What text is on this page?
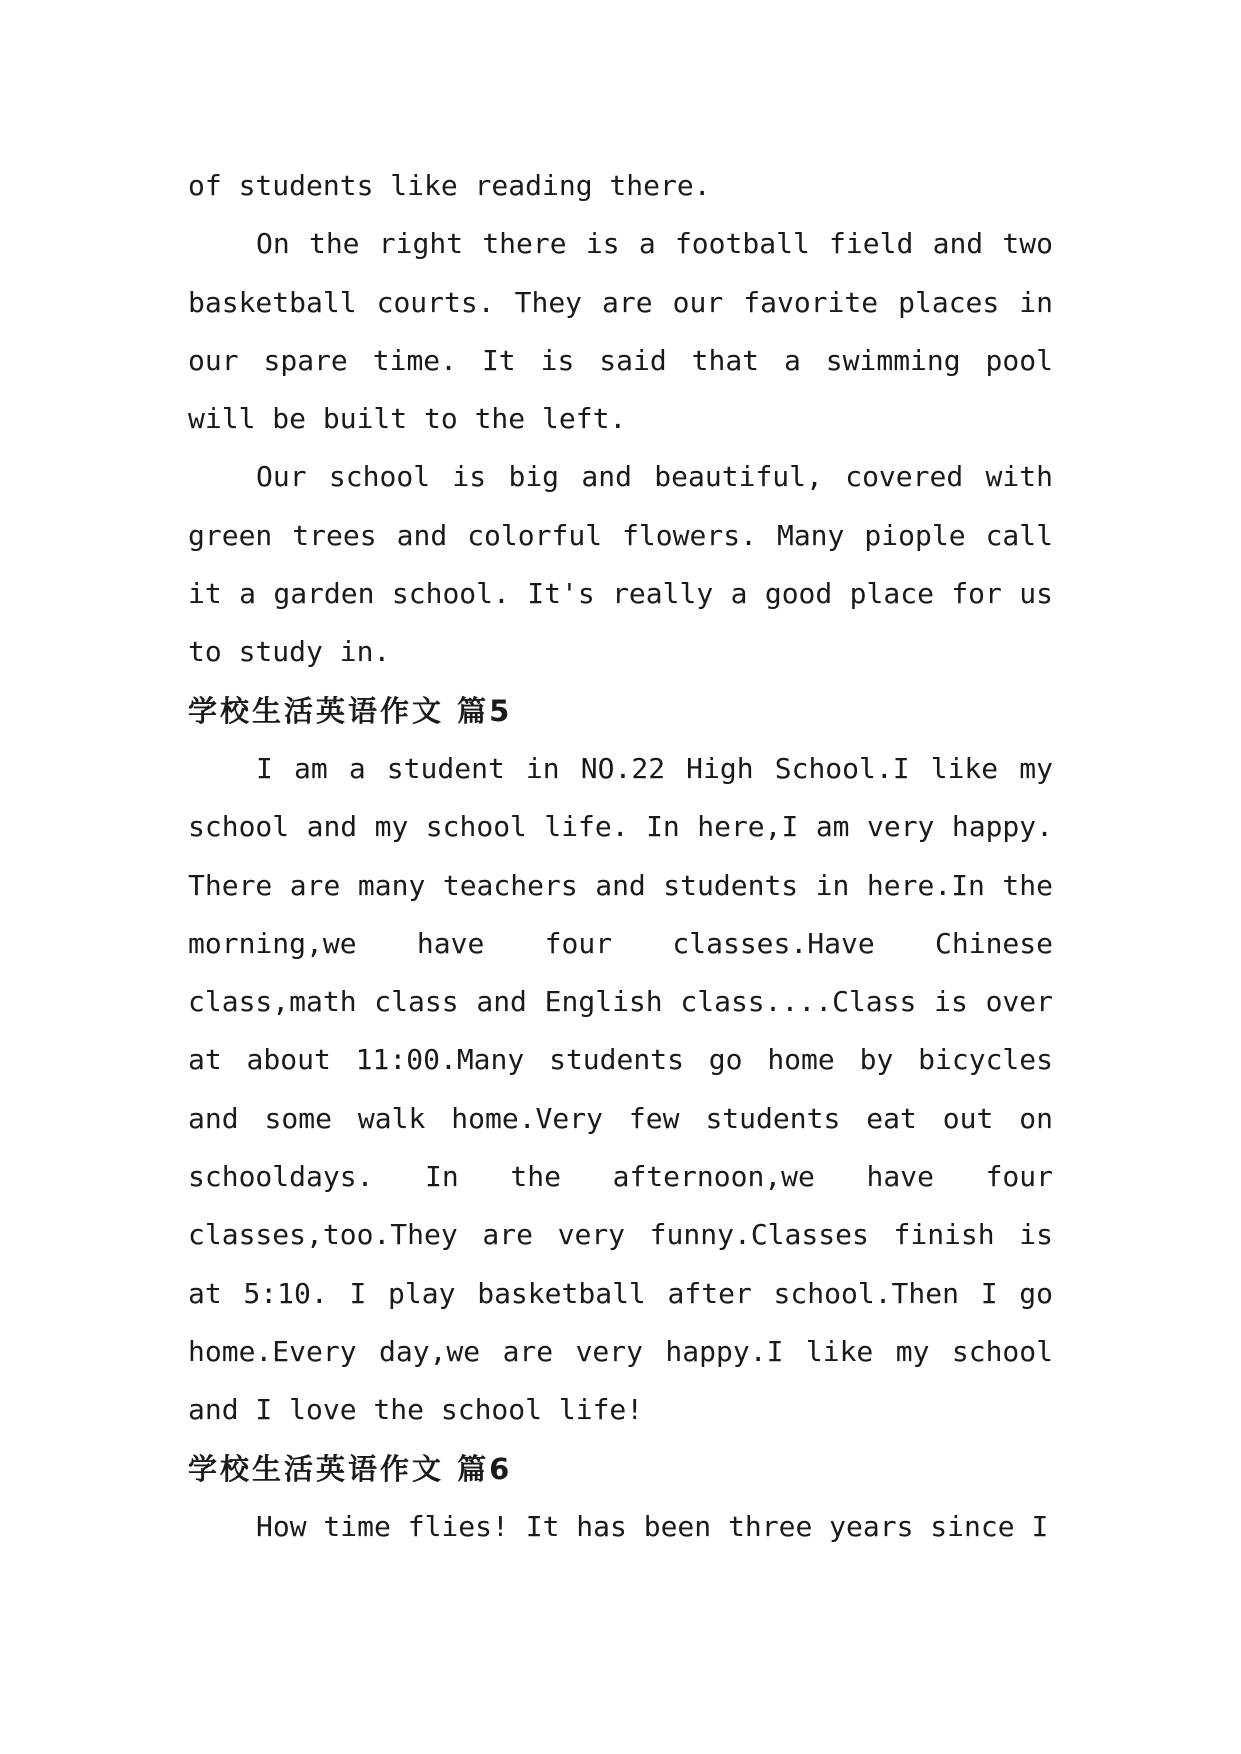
of students like reading there.

On the right there is a football field and two basketball courts. They are our favorite places in our spare time. It is said that a swimming pool will be built to the left.

Our school is big and beautiful, covered with green trees and colorful flowers. Many piople call it a garden school. It's really a good place for us to study in.

学校生活英语作文 篇5

I am a student in NO.22 High School.I like my school and my school life. In here,I am very happy. There are many teachers and students in here.In the morning,we have four classes.Have Chinese class,math class and English class....Class is over at about 11:00.Many students go home by bicycles and some walk home.Very few students eat out on schooldays. In the afternoon,we have four classes,too.They are very funny.Classes finish is at 5:10. I play basketball after school.Then I go home.Every day,we are very happy.I like my school and I love the school life!

学校生活英语作文 篇6

How time flies! It has been three years since I
